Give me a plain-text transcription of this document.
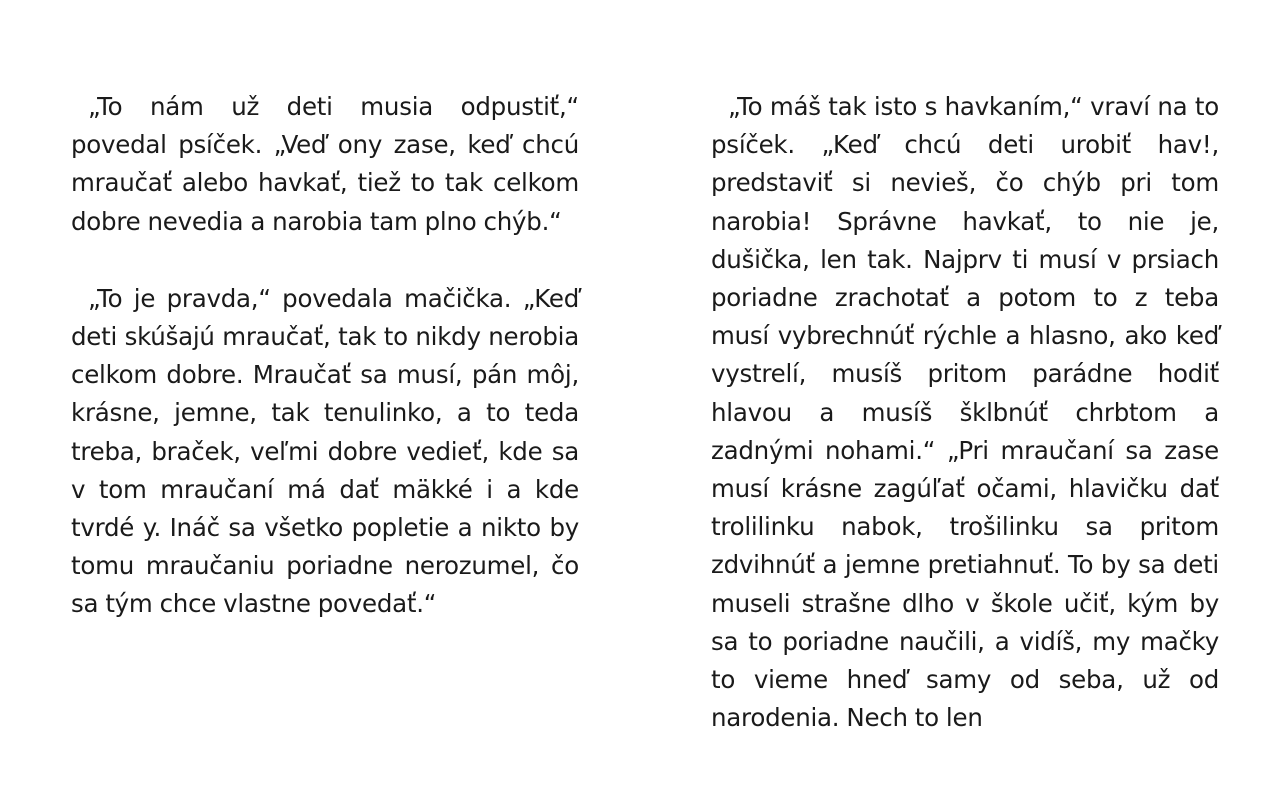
„To nám už deti musia odpustiť,“ povedal psíček. „Veď ony zase, keď chcú mraučať alebo havkať, tiež to tak celkom dobre nevedia a narobia tam plno chýb.“

„To je pravda,“ povedala mačička. „Keď deti skúšajú mraučať, tak to nikdy nerobia celkom dobre. Mraučať sa musí, pán môj, krásne, jemne, tak tenulinko, a to teda treba, braček, veľmi dobre vedieť, kde sa v tom mraučaní má dať mäkké i a kde tvrdé y. Ináč sa všetko popletie a nikto by tomu mraučaniu poriadne nerozumel, čo sa tým chce vlastne povedať.“

„To máš tak isto s havkaním,“ vraví na to psíček. „Keď chcú deti urobiť hav!, predstaviť si nevieš, čo chýb pri tom narobia! Správne havkať, to nie je, dušička, len tak. Najprv ti musí v prsiach poriadne zrachotať a potom to z teba musí vybrechnúť rýchle a hlasno, ako keď vystrelí, musíš pritom parádne hodiť hlavou a musíš šklbnúť chrbtom a zadnými nohami.“ „Pri mraučaní sa zase musí krásne zagúľať očami, hlavičku dať trolilinku nabok, trošilinku sa pritom zdvihnúť a jemne pretiahnuť. To by sa deti museli strašne dlho v škole učiť, kým by sa to poriadne naučili, a vidíš, my mačky to vieme hneď samy od seba, už od narodenia. Nech to len
